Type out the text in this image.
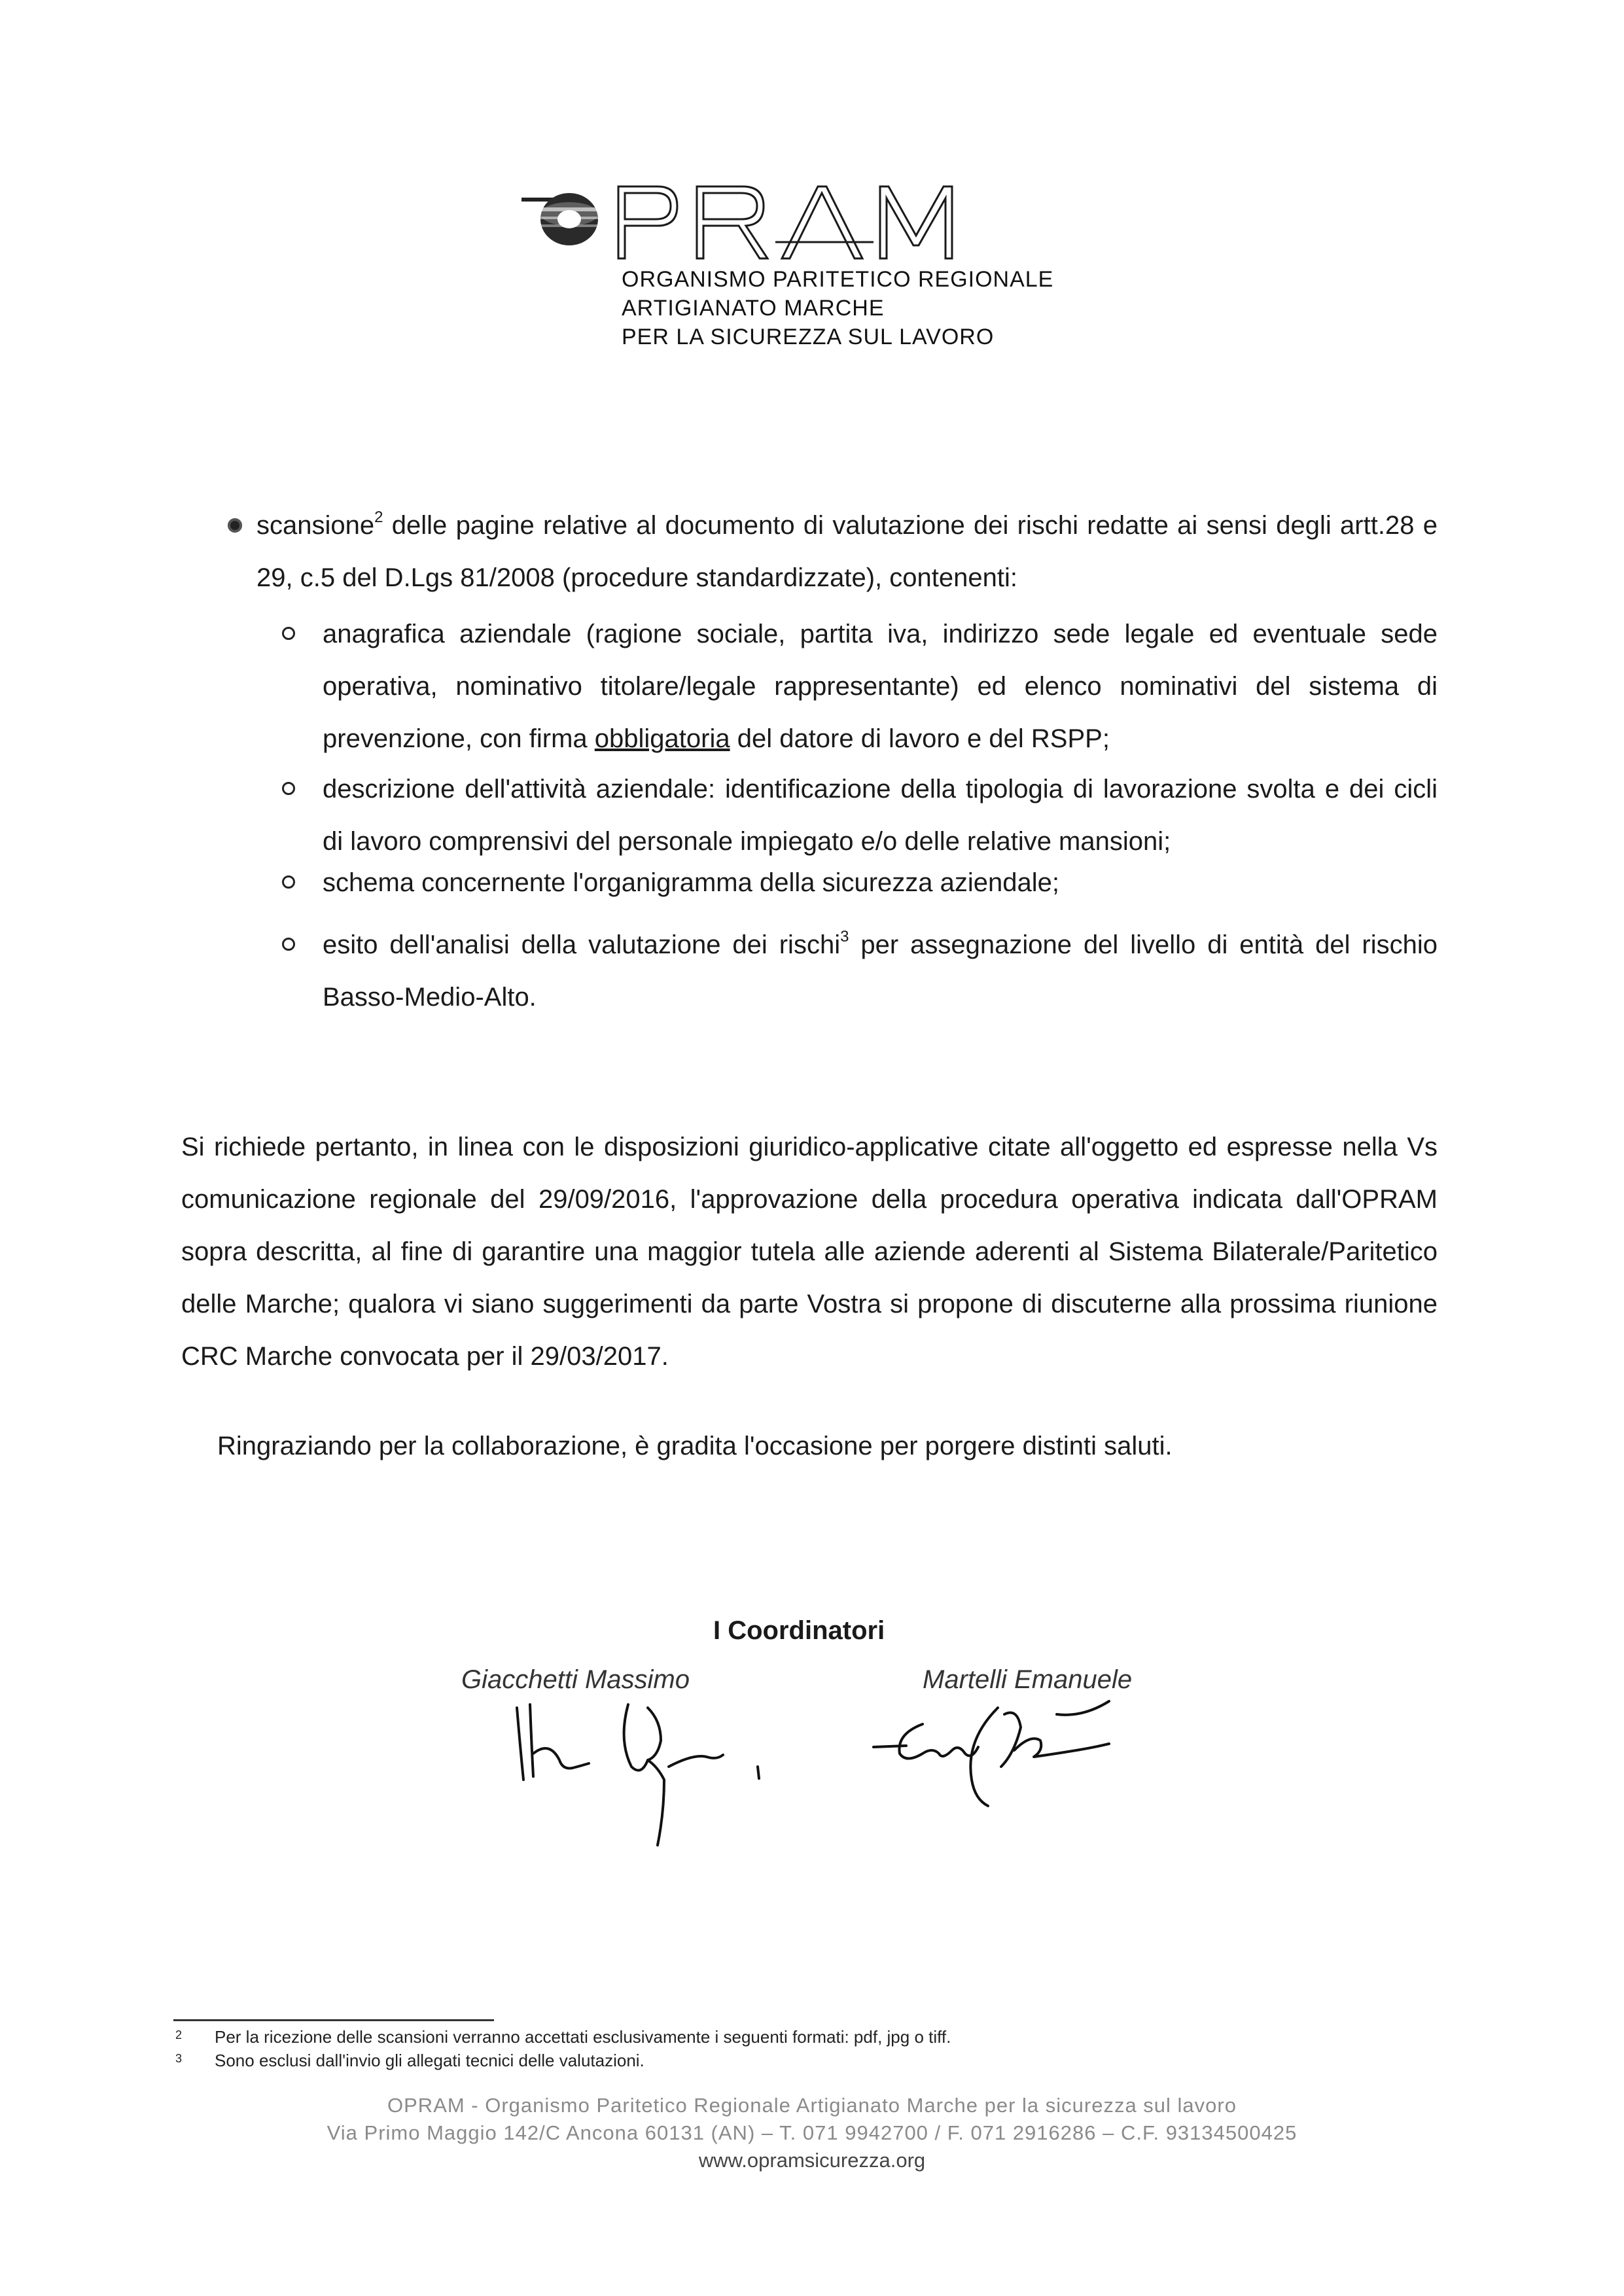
ORGANISMO PARITETICO REGIONALE
ARTIGIANATO MARCHE
PER LA SICUREZZA SUL LAVORO
scansione$^2$ delle pagine relative al documento di valutazione dei rischi redatte ai sensi degli artt.28 e 29, c.5 del D.Lgs 81/2008 (procedure standardizzate), contenenti:
anagrafica aziendale (ragione sociale, partita iva, indirizzo sede legale ed eventuale sede operativa, nominativo titolare/legale rappresentante) ed elenco nominativi del sistema di prevenzione, con firma obbligatoria del datore di lavoro e del RSPP;
descrizione dell'attività aziendale: identificazione della tipologia di lavorazione svolta e dei cicli di lavoro comprensivi del personale impiegato e/o delle relative mansioni;
schema concernente l'organigramma della sicurezza aziendale;
esito dell'analisi della valutazione dei rischi$^3$ per assegnazione del livello di entità del rischio Basso-Medio-Alto.
Si richiede pertanto, in linea con le disposizioni giuridico-applicative citate all'oggetto ed espresse nella Vs comunicazione regionale del 29/09/2016, l'approvazione della procedura operativa indicata dall'OPRAM sopra descritta, al fine di garantire una maggior tutela alle aziende aderenti al Sistema Bilaterale/Paritetico delle Marche; qualora vi siano suggerimenti da parte Vostra si propone di discuterne alla prossima riunione CRC Marche convocata per il 29/03/2017.
Ringraziando per la collaborazione, è gradita l'occasione per porgere distinti saluti.
I Coordinatori
Giacchetti Massimo	Martelli Emanuele
2 Per la ricezione delle scansioni verranno accettati esclusivamente i seguenti formati: pdf, jpg o tiff.
3 Sono esclusi dall'invio gli allegati tecnici delle valutazioni.
OPRAM - Organismo Paritetico Regionale Artigianato Marche per la sicurezza sul lavoro
Via Primo Maggio 142/C Ancona 60131 (AN) – T. 071 9942700 / F. 071 2916286 – C.F. 93134500425
www.opramsicurezza.org
